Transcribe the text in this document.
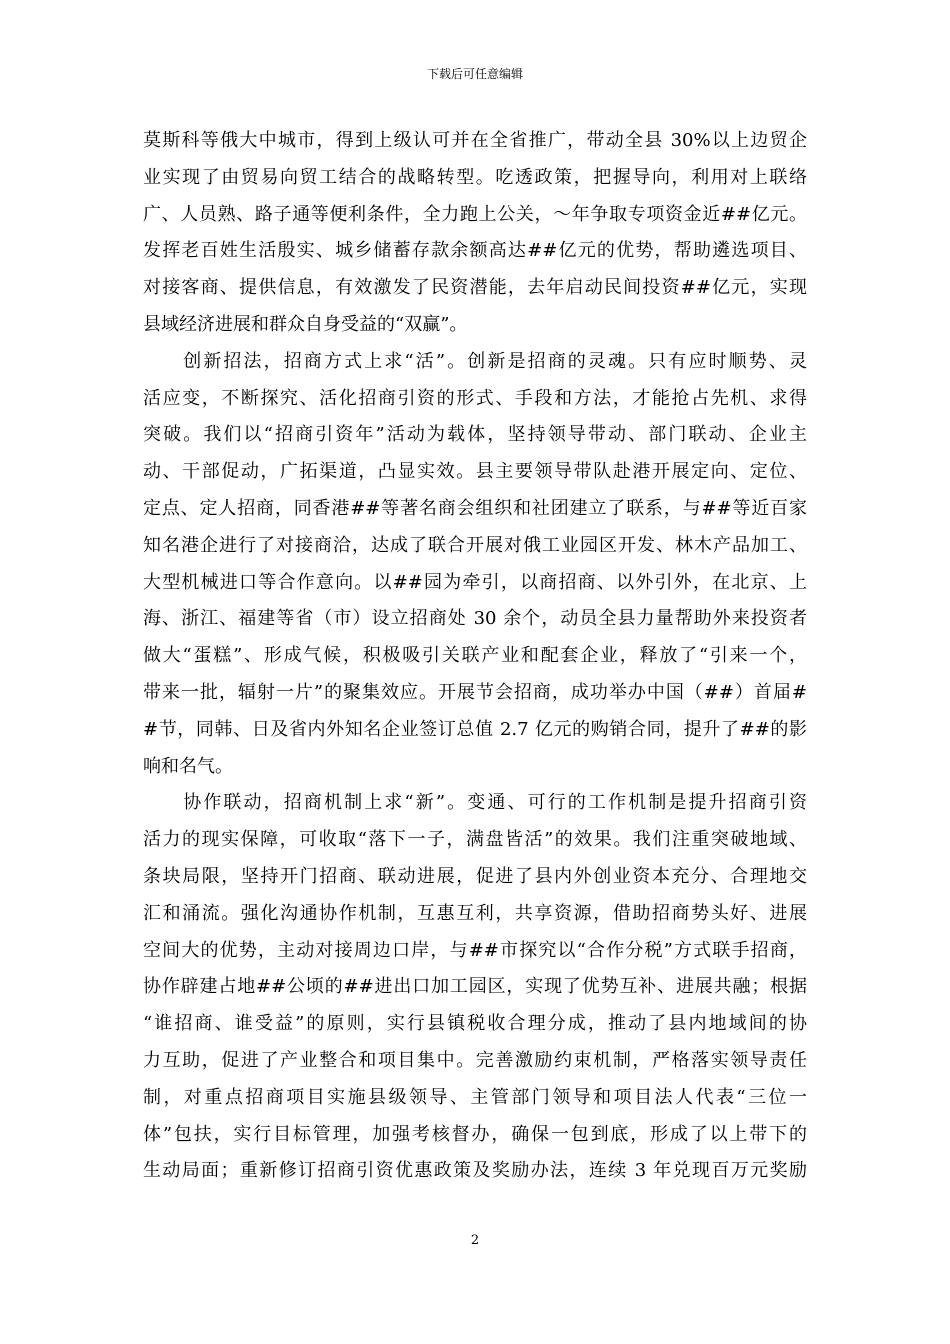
下载后可任意编辑
莫斯科等俄大中城市，得到上级认可并在全省推广，带动全县 30%以上边贸企
业实现了由贸易向贸工结合的战略转型。吃透政策，把握导向，利用对上联络
广、人员熟、路子通等便利条件，全力跑上公关，～年争取专项资金近##亿元。
发挥老百姓生活殷实、城乡储蓄存款余额高达##亿元的优势，帮助遴选项目、
对接客商、提供信息，有效激发了民资潜能，去年启动民间投资##亿元，实现
县域经济进展和群众自身受益的“双赢”。
　　创新招法，招商方式上求“活”。创新是招商的灵魂。只有应时顺势、灵
活应变，不断探究、活化招商引资的形式、手段和方法，才能抢占先机、求得
突破。我们以“招商引资年”活动为载体，坚持领导带动、部门联动、企业主
动、干部促动，广拓渠道，凸显实效。县主要领导带队赴港开展定向、定位、
定点、定人招商，同香港##等著名商会组织和社团建立了联系，与##等近百家
知名港企进行了对接商洽，达成了联合开展对俄工业园区开发、林木产品加工、
大型机械进口等合作意向。以##园为牵引，以商招商、以外引外，在北京、上
海、浙江、福建等省（市）设立招商处 30 余个，动员全县力量帮助外来投资者
做大“蛋糕”、形成气候，积极吸引关联产业和配套企业，释放了“引来一个，
带来一批，辐射一片”的聚集效应。开展节会招商，成功举办中国（##）首届#
#节，同韩、日及省内外知名企业签订总值 2.7 亿元的购销合同，提升了##的影
响和名气。
　　协作联动，招商机制上求“新”。变通、可行的工作机制是提升招商引资
活力的现实保障，可收取“落下一子，满盘皆活”的效果。我们注重突破地域、
条块局限，坚持开门招商、联动进展，促进了县内外创业资本充分、合理地交
汇和涌流。强化沟通协作机制，互惠互利，共享资源，借助招商势头好、进展
空间大的优势，主动对接周边口岸，与##市探究以“合作分税”方式联手招商，
协作辟建占地##公顷的##进出口加工园区，实现了优势互补、进展共融；根据
“谁招商、谁受益”的原则，实行县镇税收合理分成，推动了县内地域间的协
力互助，促进了产业整合和项目集中。完善激励约束机制，严格落实领导责任
制，对重点招商项目实施县级领导、主管部门领导和项目法人代表“三位一
体”包扶，实行目标管理，加强考核督办，确保一包到底，形成了以上带下的
生动局面；重新修订招商引资优惠政策及奖励办法，连续 3 年兑现百万元奖励
2
